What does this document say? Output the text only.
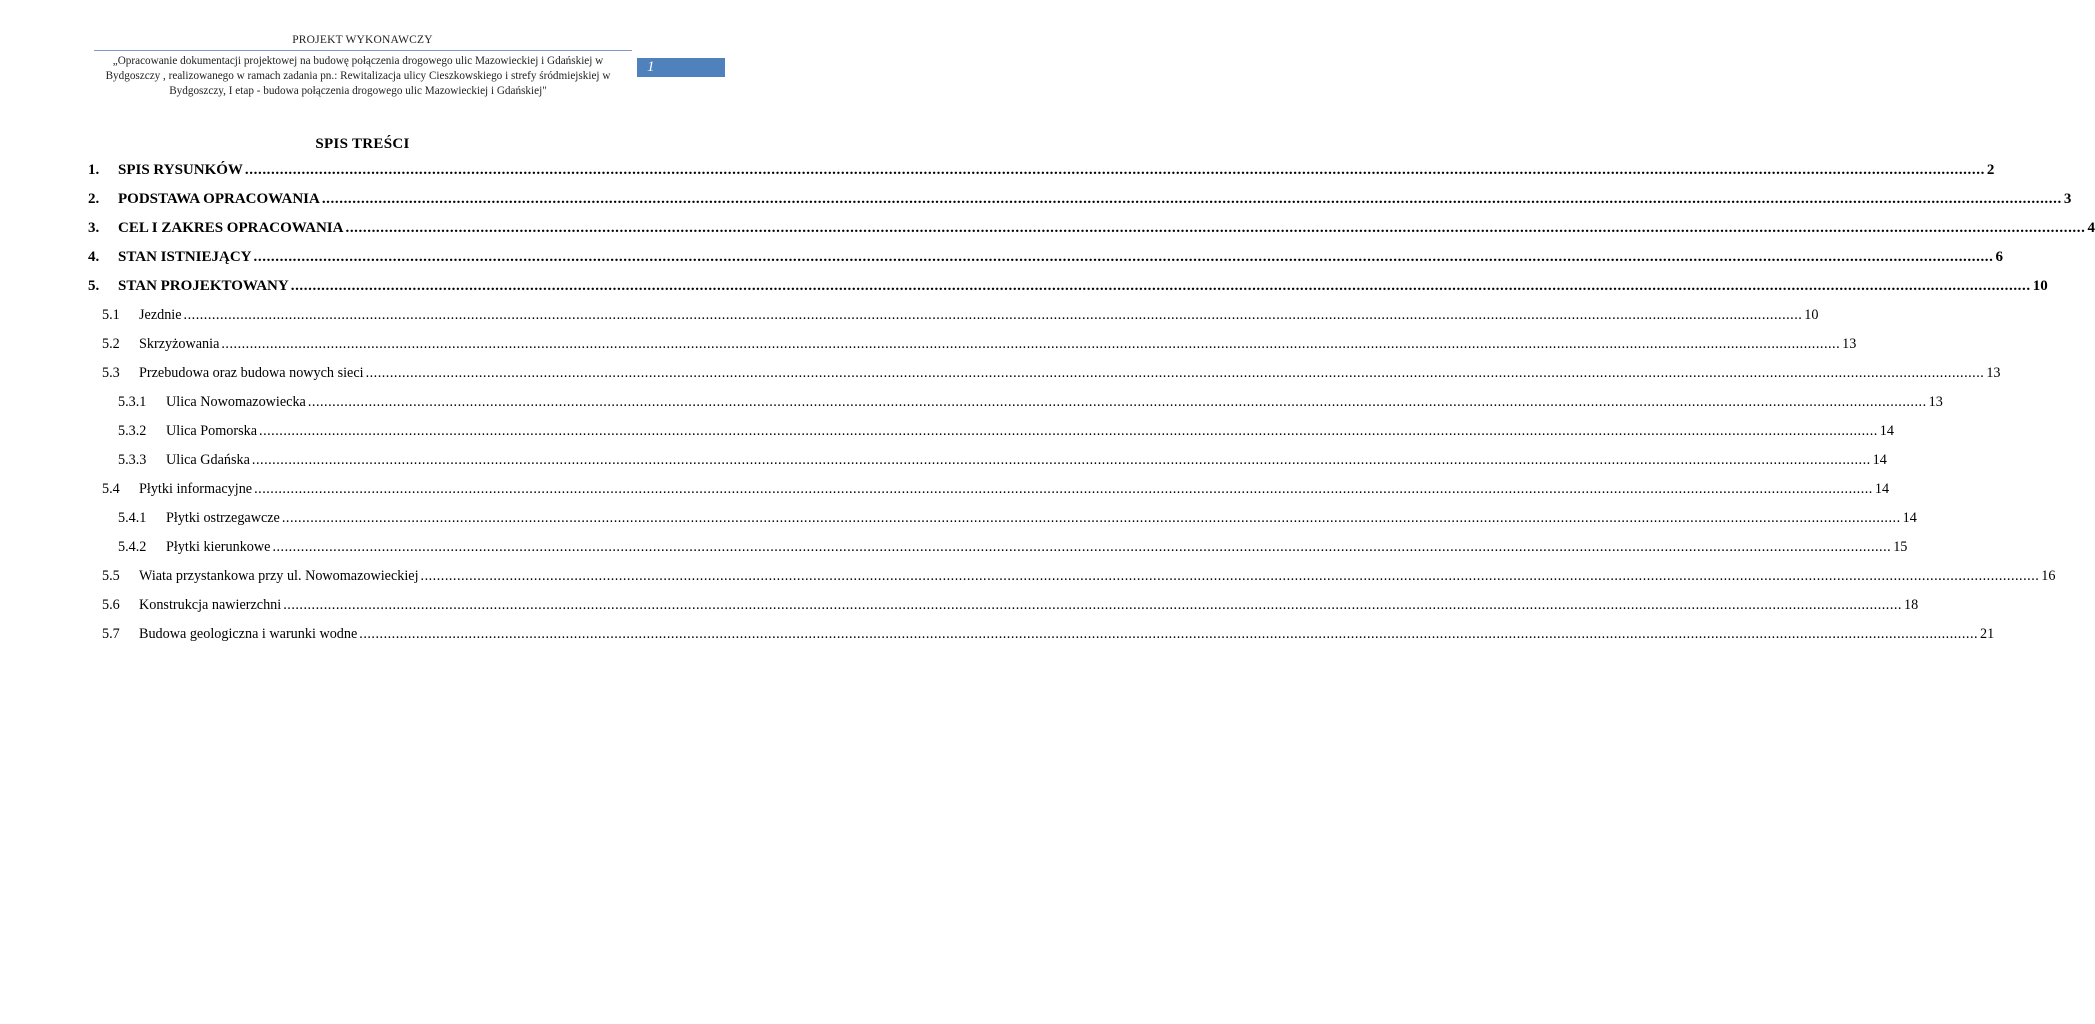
PROJEKT WYKONAWCZY
„Opracowanie dokumentacji projektowej na budowę połączenia drogowego ulic Mazowieckiej i Gdańskiej w Bydgoszczy , realizowanego w ramach zadania pn.: Rewitalizacja ulicy Cieszkowskiego i strefy śródmiejskiej w Bydgoszczy, I etap - budowa połączenia drogowego ulic Mazowieckiej i Gdańskiej"
1
SPIS TREŚCI
1.	SPIS RYSUNKÓW ................................................................................................................................................................................................................................................................................................................................................................................................................ 2
2.	PODSTAWA OPRACOWANIA ................................................................................................................................................................................................................................................................................................................................................................................................................ 3
3.	CEL I ZAKRES OPRACOWANIA ................................................................................................................................................................................................................................................................................................................................................................................................................ 4
4.	STAN ISTNIEJĄCY ................................................................................................................................................................................................................................................................................................................................................................................................................ 6
5.	STAN PROJEKTOWANY ................................................................................................................................................................................................................................................................................................................................................................................................................ 10
5.1	Jezdnie ................................................................................................................................................................................................................................................................................................................................................................................................................ 10
5.2	Skrzyżowania ................................................................................................................................................................................................................................................................................................................................................................................................................ 13
5.3	Przebudowa oraz budowa nowych sieci ................................................................................................................................................................................................................................................................................................................................................................................................................ 13
5.3.1	Ulica Nowomazowiecka ................................................................................................................................................................................................................................................................................................................................................................................................................ 13
5.3.2	Ulica Pomorska ................................................................................................................................................................................................................................................................................................................................................................................................................ 14
5.3.3	Ulica Gdańska ................................................................................................................................................................................................................................................................................................................................................................................................................ 14
5.4	Płytki informacyjne ................................................................................................................................................................................................................................................................................................................................................................................................................ 14
5.4.1	Płytki ostrzegawcze ................................................................................................................................................................................................................................................................................................................................................................................................................ 14
5.4.2	Płytki kierunkowe ................................................................................................................................................................................................................................................................................................................................................................................................................ 15
5.5	Wiata przystankowa przy ul. Nowomazowieckiej ................................................................................................................................................................................................................................................................................................................................................................................................................ 16
5.6	Konstrukcja nawierzchni ................................................................................................................................................................................................................................................................................................................................................................................................................ 18
5.7	Budowa geologiczna i warunki wodne ................................................................................................................................................................................................................................................................................................................................................................................................................ 21
